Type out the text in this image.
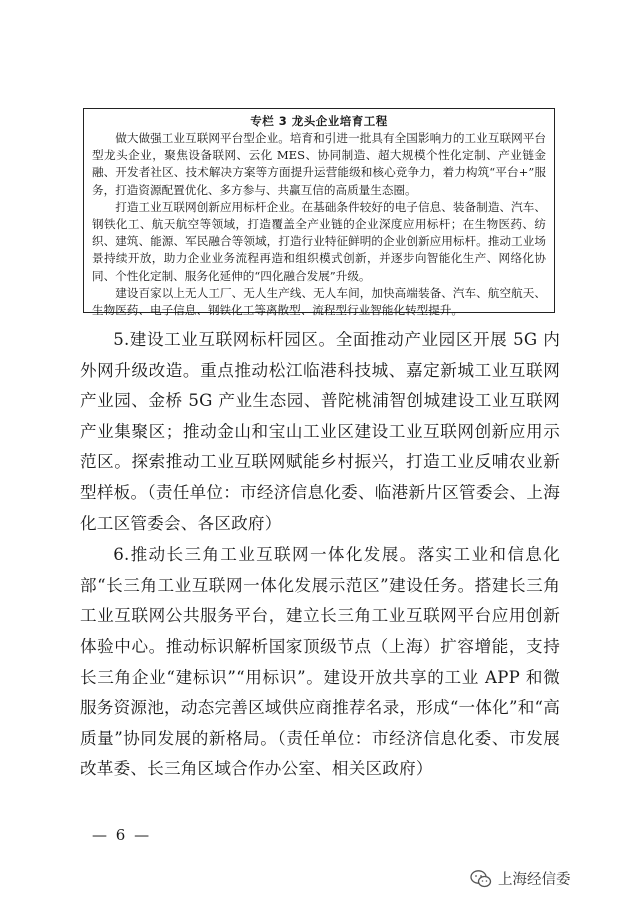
专栏 3 龙头企业培育工程

做大做强工业互联网平台型企业。培育和引进一批具有全国影响力的工业互联网平台型龙头企业，聚焦设备联网、云化 MES、协同制造、超大规模个性化定制、产业链金融、开发者社区、技术解决方案等方面提升运营能级和核心竞争力，着力构筑“平台+”服务，打造资源配置优化、多方参与、共赢互信的高质量生态圈。

打造工业互联网创新应用标杆企业。在基础条件较好的电子信息、装备制造、汽车、钢铁化工、航天航空等领域，打造覆盖全产业链的企业深度应用标杆；在生物医药、纺织、建筑、能源、军民融合等领域，打造行业特征鲜明的企业创新应用标杆。推动工业场景持续开放，助力企业业务流程再造和组织模式创新，并逐步向智能化生产、网络化协同、个性化定制、服务化延伸的“四化融合发展”升级。

建设百家以上无人工厂、无人生产线、无人车间，加快高端装备、汽车、航空航天、生物医药、电子信息、钢铁化工等离散型、流程型行业智能化转型提升。

5.建设工业互联网标杆园区。全面推动产业园区开展 5G 内外网升级改造。重点推动松江临港科技城、嘉定新城工业互联网产业园、金桥 5G 产业生态园、普陀桃浦智创城建设工业互联网产业集聚区；推动金山和宝山工业区建设工业互联网创新应用示范区。探索推动工业互联网赋能乡村振兴，打造工业反哺农业新型样板。（责任单位：市经济信息化委、临港新片区管委会、上海化工区管委会、各区政府）

6.推动长三角工业互联网一体化发展。落实工业和信息化部“长三角工业互联网一体化发展示范区”建设任务。搭建长三角工业互联网公共服务平台，建立长三角工业互联网平台应用创新体验中心。推动标识解析国家顶级节点（上海）扩容增能，支持长三角企业“建标识”“用标识”。建设开放共享的工业 APP 和微服务资源池，动态完善区域供应商推荐名录，形成“一体化”和“高质量”协同发展的新格局。（责任单位：市经济信息化委、市发展改革委、长三角区域合作办公室、相关区政府）

— 6 —
上海经信委
